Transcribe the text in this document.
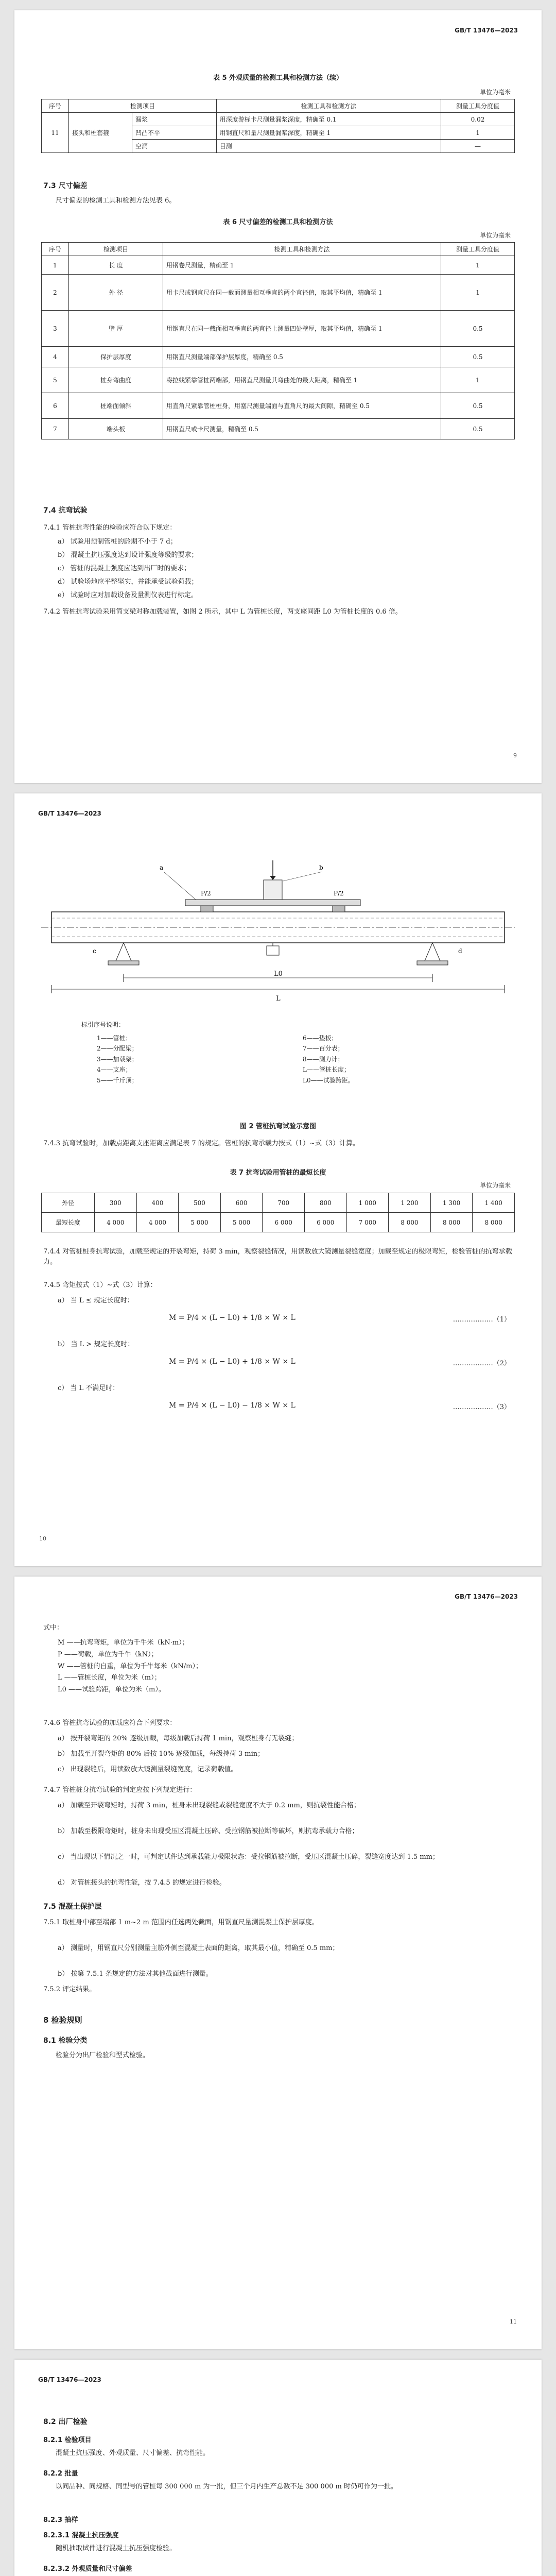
GB/T 13476—2023
表 5 外观质量的检测工具和检测方法（续）
单位为毫米
序号	检测项目		检测工具和检测方法	测量工具分度值
11	接头和桩套箍	漏浆	用深度游标卡尺测量漏浆深度，精确至 0.1	0.02
		凹凸不平	用钢直尺和量尺测量漏浆深度，精确至 1	1
		空洞	目测	—
7.3 尺寸偏差
尺寸偏差的检测工具和检测方法见表 6。
表 6 尺寸偏差的检测工具和检测方法
单位为毫米
序号	检测项目	检测工具和检测方法	测量工具分度值
1	长 度	用钢卷尺测量，精确至 1	1
2	外 径	用卡尺或钢直尺在同一截面测量相互垂直的两个直径值，取其平均值，精确至 1	1
3	壁 厚	用钢直尺在同一截面相互垂直的两直径上测量四处壁厚，取其平均值，精确至 1	0.5
4	保护层厚度	用钢直尺测量端部保护层厚度，精确至 0.5	0.5
5	桩身弯曲度	将拉线紧靠管桩两端部，用钢直尺测量其弯曲处的最大距离，精确至 1	1
6	桩端面倾斜	用直角尺紧靠管桩桩身，用塞尺测量端面与直角尺的最大间隙，精确至 0.5	0.5
7	端头板	用钢直尺或卡尺测量，精确至 0.5	0.5
7.4 抗弯试验
7.4.1 管桩抗弯性能的检验应符合以下规定：
a） 试验用预制管桩的龄期不小于 7 d；
b） 混凝土抗压强度达到设计强度等级的要求；
c） 管桩的混凝土强度应达到出厂时的要求；
d） 试验场地应平整坚实，并能承受试验荷载；
e） 试验时应对加载设备及量测仪表进行标定。
7.4.2 管桩抗弯试验采用简支梁对称加载装置，如图 2 所示，其中 L 为管桩长度，两支座间距 L0 为管桩长度的 0.6 倍。
9
GB/T 13476—2023
P/2	P/2
L
L0
a	b
c	d
标引序号说明：
1——管桩；
2——分配梁；
3——加载架；
4——支座；
5——千斤顶；
6——垫板；
7——百分表；
8——测力计；
L——管桩长度；
L0——试验跨距。
图 2 管桩抗弯试验示意图
7.4.3 抗弯试验时，加载点距离支座距离应满足表 7 的规定。管桩的抗弯承载力按式（1）~式（3）计算。
表 7 抗弯试验用管桩的最短长度
单位为毫米
外径	300	400	500	600	700	800	1 000	1 200	1 300	1 400
最短长度	4 000	4 000	5 000	5 000	6 000	6 000	7 000	8 000	8 000	8 000
7.4.4 对管桩桩身抗弯试验，加载至规定的开裂弯矩，持荷 3 min，观察裂缝情况，用读数放大镜测量裂缝宽度；加载至规定的极限弯矩，检验管桩的抗弯承载力。
7.4.5 弯矩按式（1）~式（3）计算：
a） 当 L ≤ 规定长度时：
M = P/4 × (L − L0) + 1/8 × W × L	………………（1）
b） 当 L > 规定长度时：
M = P/4 × (L − L0) + 1/8 × W × L	………………（2）
c） 当 L 不满足时：
M = P/4 × (L − L0) − 1/8 × W × L	………………（3）
10
GB/T 13476—2023
式中：
M ——抗弯弯矩，单位为千牛米（kN·m）；
P ——荷载，单位为千牛（kN）；
W ——管桩的自重，单位为千牛每米（kN/m）；
L ——管桩长度，单位为米（m）；
L0 ——试验跨距，单位为米（m）。
7.4.6 管桩抗弯试验的加载应符合下列要求：
a） 按开裂弯矩的 20% 逐级加载，每级加载后持荷 1 min，观察桩身有无裂缝；
b） 加载至开裂弯矩的 80% 后按 10% 逐级加载，每级持荷 3 min；
c） 出现裂缝后，用读数放大镜测量裂缝宽度，记录荷载值。
7.4.7 管桩桩身抗弯试验的判定应按下列规定进行：
a） 加载至开裂弯矩时，持荷 3 min，桩身未出现裂缝或裂缝宽度不大于 0.2 mm，则抗裂性能合格；
b） 加载至极限弯矩时，桩身未出现受压区混凝土压碎、受拉钢筋被拉断等破坏，则抗弯承载力合格；
c） 当出现以下情况之一时，可判定试件达到承载能力极限状态：受拉钢筋被拉断，受压区混凝土压碎，裂缝宽度达到 1.5 mm；
d） 对管桩接头的抗弯性能，按 7.4.5 的规定进行检验。
7.5 混凝土保护层
7.5.1 取桩身中部至端部 1 m~2 m 范围内任选两处截面，用钢直尺量测混凝土保护层厚度。
a） 测量时，用钢直尺分别测量主筋外侧至混凝土表面的距离，取其最小值，精确至 0.5 mm；
b） 按第 7.5.1 条规定的方法对其他截面进行测量。
7.5.2 评定结果。
8 检验规则
8.1 检验分类
检验分为出厂检验和型式检验。
11
GB/T 13476—2023
8.2 出厂检验
8.2.1 检验项目
混凝土抗压强度、外观质量、尺寸偏差、抗弯性能。
8.2.2 批量
以同品种、同规格、同型号的管桩每 300 000 m 为一批，但三个月内生产总数不足 300 000 m 时仍可作为一批。
8.2.3 抽样
8.2.3.1 混凝土抗压强度
随机抽取试件进行混凝土抗压强度检验。
8.2.3.2 外观质量和尺寸偏差
